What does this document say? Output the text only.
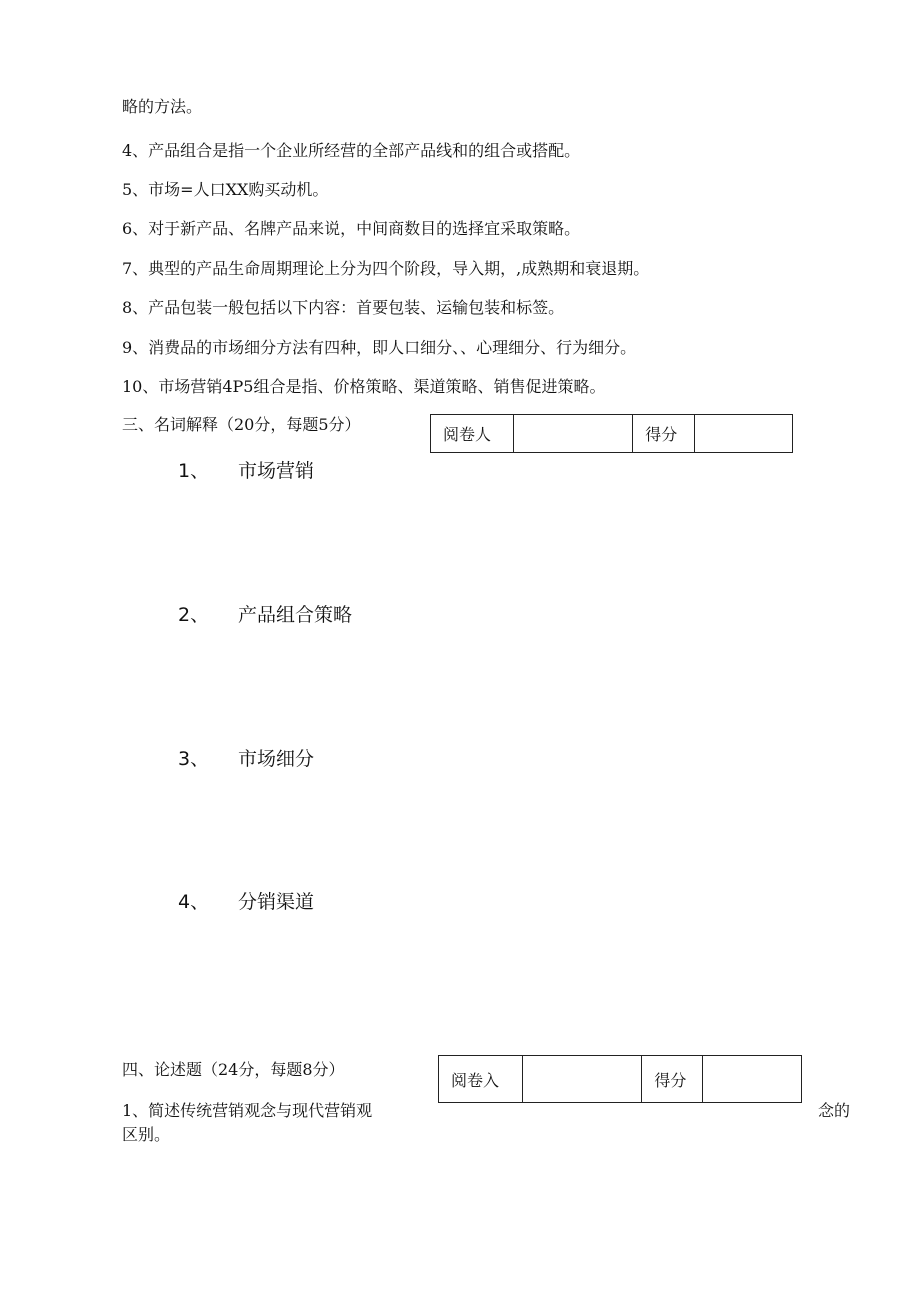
略的方法。
4、产品组合是指一个企业所经营的全部产品线和的组合或搭配。
5、市场=人口XX购买动机。
6、对于新产品、名牌产品来说，中间商数目的选择宜采取策略。
7、典型的产品生命周期理论上分为四个阶段，导入期，,成熟期和衰退期。
8、产品包装一般包括以下内容：首要包装、运输包装和标签。
9、消费品的市场细分方法有四种，即人口细分、、心理细分、行为细分。
10、市场营销4P5组合是指、价格策略、渠道策略、销售促进策略。
三、名词解释（20分，每题5分）
阅卷人		得分	
1、 市场营销
2、 产品组合策略
3、 市场细分
4、 分销渠道
四、论述题（24分，每题8分）
阅卷入		得分	
1、简述传统营销观念与现代营销观	念的
区别。
